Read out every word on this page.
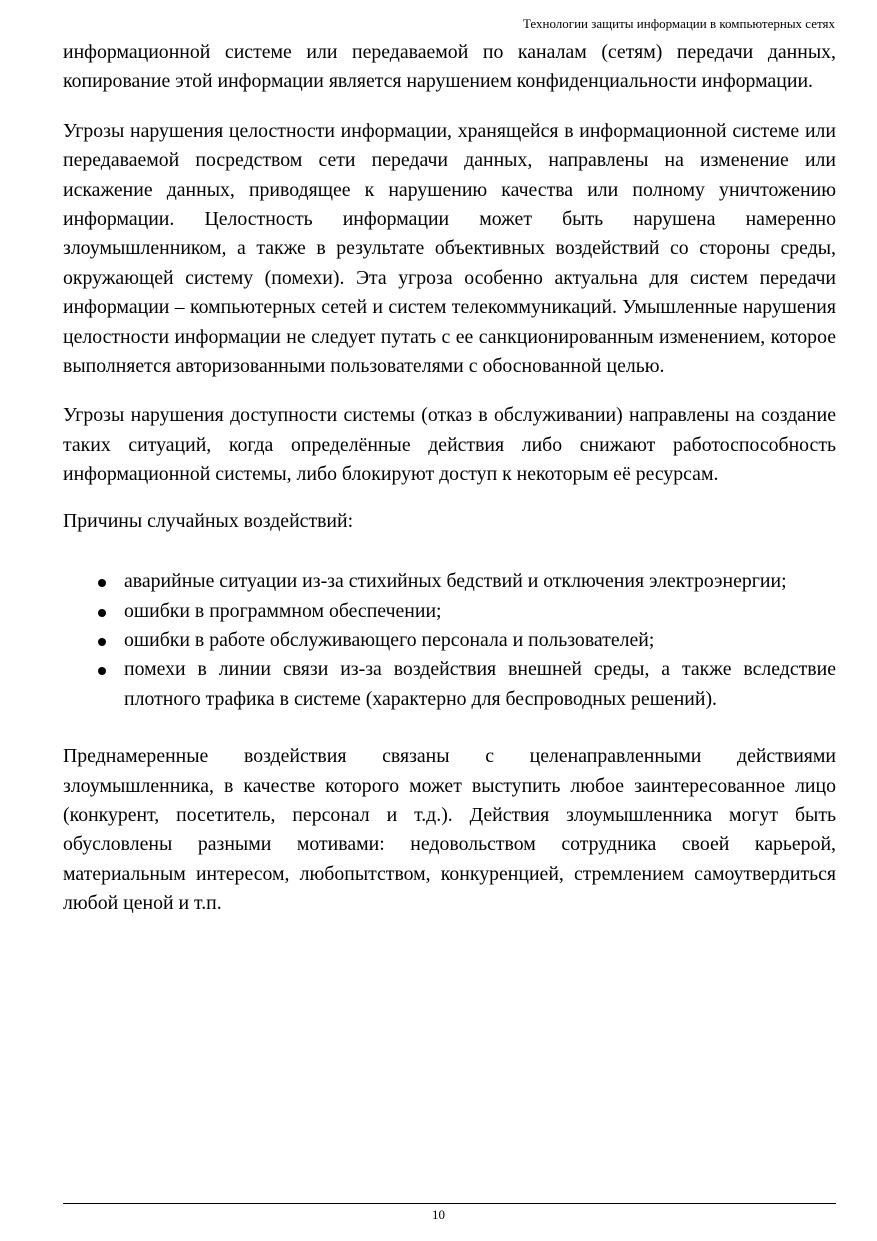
Технологии защиты информации в компьютерных сетях

информационной системе или передаваемой по каналам (сетям) передачи данных, копирование этой информации является нарушением конфиденциальности информации.

Угрозы нарушения целостности информации, хранящейся в информационной системе или передаваемой посредством сети передачи данных, направлены на изменение или искажение данных, приводящее к нарушению качества или полному уничтожению информации. Целостность информации может быть нарушена намеренно злоумышленником, а также в результате объективных воздействий со стороны среды, окружающей систему (помехи). Эта угроза особенно актуальна для систем передачи информации – компьютерных сетей и систем телекоммуникаций. Умышленные нарушения целостности информации не следует путать с ее санкционированным изменением, которое выполняется авторизованными пользователями с обоснованной целью.

Угрозы нарушения доступности системы (отказ в обслуживании) направлены на создание таких ситуаций, когда определённые действия либо снижают работоспособность информационной системы, либо блокируют доступ к некоторым её ресурсам.

Причины случайных воздействий:

аварийные ситуации из-за стихийных бедствий и отключения электроэнергии;
ошибки в программном обеспечении;
ошибки в работе обслуживающего персонала и пользователей;
помехи в линии связи из-за воздействия внешней среды, а также вследствие плотного трафика в системе (характерно для беспроводных решений).

Преднамеренные воздействия связаны с целенаправленными действиями злоумышленника, в качестве которого может выступить любое заинтересованное лицо (конкурент, посетитель, персонал и т.д.). Действия злоумышленника могут быть обусловлены разными мотивами: недовольством сотрудника своей карьерой, материальным интересом, любопытством, конкуренцией, стремлением самоутвердиться любой ценой и т.п.

10
